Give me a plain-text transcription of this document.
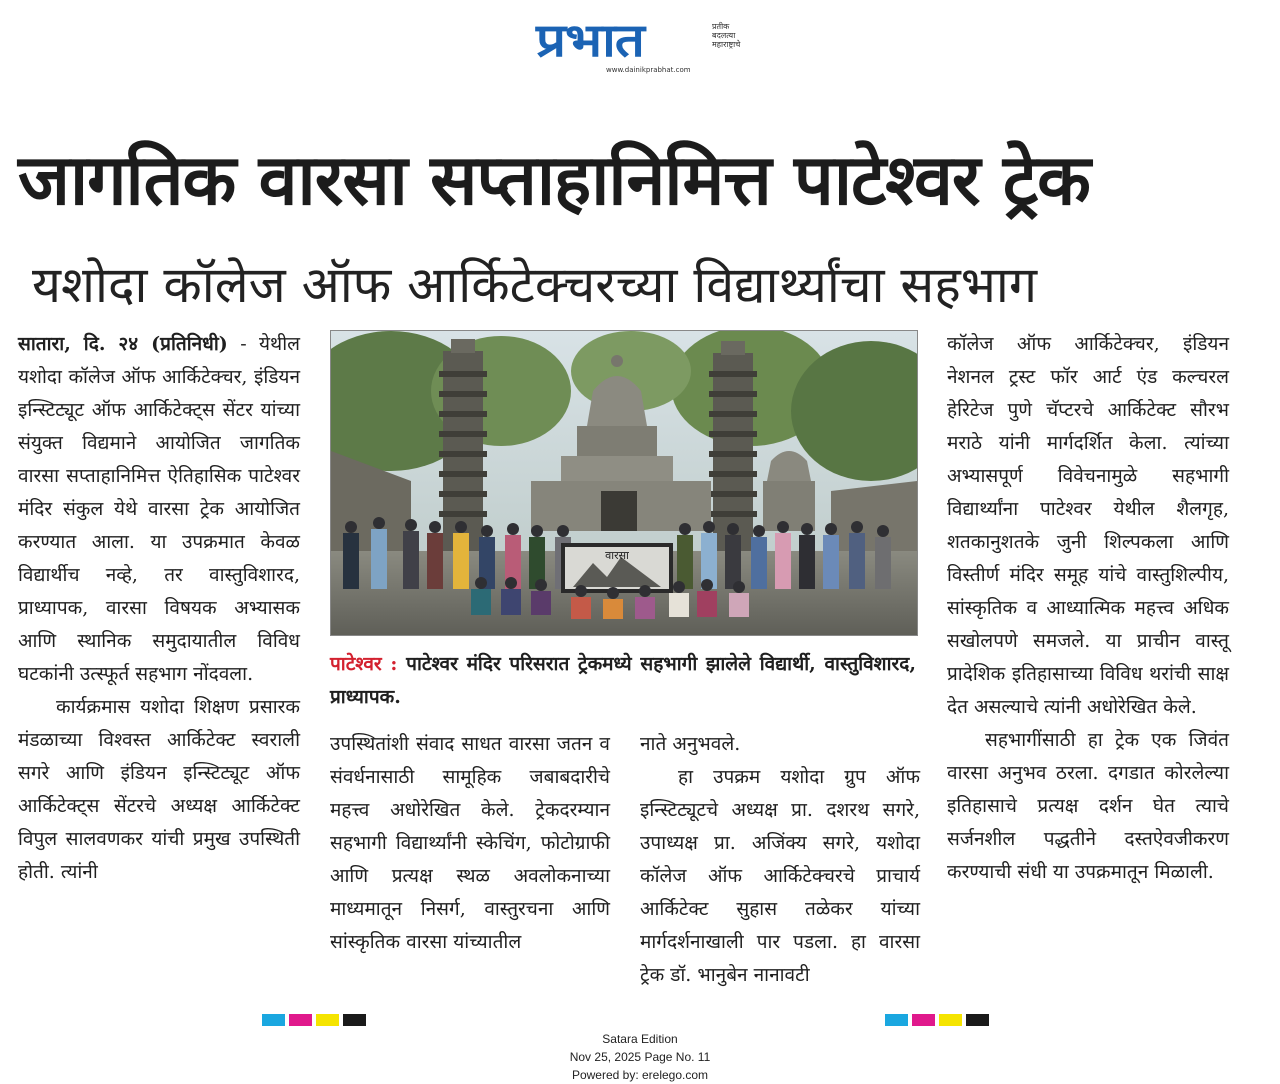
प्रभात	प्रतीक
बदलत्या
महाराष्ट्राचे
www.dainikprabhat.com
जागतिक वारसा सप्ताहानिमित्त पाटेश्वर ट्रेक
यशोदा कॉलेज ऑफ आर्किटेक्चरच्या विद्यार्थ्यांचा सहभाग

सातारा, दि. २४ (प्रतिनिधी) - येथील यशोदा कॉलेज ऑफ आर्किटेक्चर, इंडियन इन्स्टिट्यूट ऑफ आर्किटेक्ट्स सेंटर यांच्या संयुक्त विद्यमाने आयोजित जागतिक वारसा सप्ताहानिमित्त ऐतिहासिक पाटेश्वर मंदिर संकुल येथे वारसा ट्रेक आयोजित करण्यात आला. या उपक्रमात केवळ विद्यार्थीच नव्हे, तर वास्तुविशारद, प्राध्यापक, वारसा विषयक अभ्यासक आणि स्थानिक समुदायातील विविध घटकांनी उत्स्फूर्त सहभाग नोंदवला.

कार्यक्रमास यशोदा शिक्षण प्रसारक मंडळाच्या विश्वस्त आर्किटेक्ट स्वराली सगरे आणि इंडियन इन्स्टिट्यूट ऑफ आर्किटेक्ट्स सेंटरचे अध्यक्ष आर्किटेक्ट विपुल सालवणकर यांची प्रमुख उपस्थिती होती. त्यांनी

वारसा
पाटेश्वर : पाटेश्वर मंदिर परिसरात ट्रेकमध्ये सहभागी झालेले विद्यार्थी, वास्तुविशारद, प्राध्यापक.

उपस्थितांशी संवाद साधत वारसा जतन व संवर्धनासाठी सामूहिक जबाबदारीचे महत्त्व अधोरेखित केले. ट्रेकदरम्यान सहभागी विद्यार्थ्यांनी स्केचिंग, फोटोग्राफी आणि प्रत्यक्ष स्थळ अवलोकनाच्या माध्यमातून निसर्ग, वास्तुरचना आणि सांस्कृतिक वारसा यांच्यातील

नाते अनुभवले.

हा उपक्रम यशोदा ग्रुप ऑफ इन्स्टिट्यूटचे अध्यक्ष प्रा. दशरथ सगरे, उपाध्यक्ष प्रा. अजिंक्य सगरे, यशोदा कॉलेज ऑफ आर्किटेक्चरचे प्राचार्य आर्किटेक्ट सुहास तळेकर यांच्या मार्गदर्शनाखाली पार पडला. हा वारसा ट्रेक डॉ. भानुबेन नानावटी

कॉलेज ऑफ आर्किटेक्चर, इंडियन नेशनल ट्रस्ट फॉर आर्ट एंड कल्चरल हेरिटेज पुणे चॅप्टरचे आर्किटेक्ट सौरभ मराठे यांनी मार्गदर्शित केला. त्यांच्या अभ्यासपूर्ण विवेचनामुळे सहभागी विद्यार्थ्यांना पाटेश्वर येथील शैलगृह, शतकानुशतके जुनी शिल्पकला आणि विस्तीर्ण मंदिर समूह यांचे वास्तुशिल्पीय, सांस्कृतिक व आध्यात्मिक महत्त्व अधिक सखोलपणे समजले. या प्राचीन वास्तू प्रादेशिक इतिहासाच्या विविध थरांची साक्ष देत असल्याचे त्यांनी अधोरेखित केले.

सहभागींसाठी हा ट्रेक एक जिवंत वारसा अनुभव ठरला. दगडात कोरलेल्या इतिहासाचे प्रत्यक्ष दर्शन घेत त्याचे सर्जनशील पद्धतीने दस्तऐवजीकरण करण्याची संधी या उपक्रमातून मिळाली.

Satara Edition
Nov 25, 2025 Page No. 11
Powered by: erelego.com
